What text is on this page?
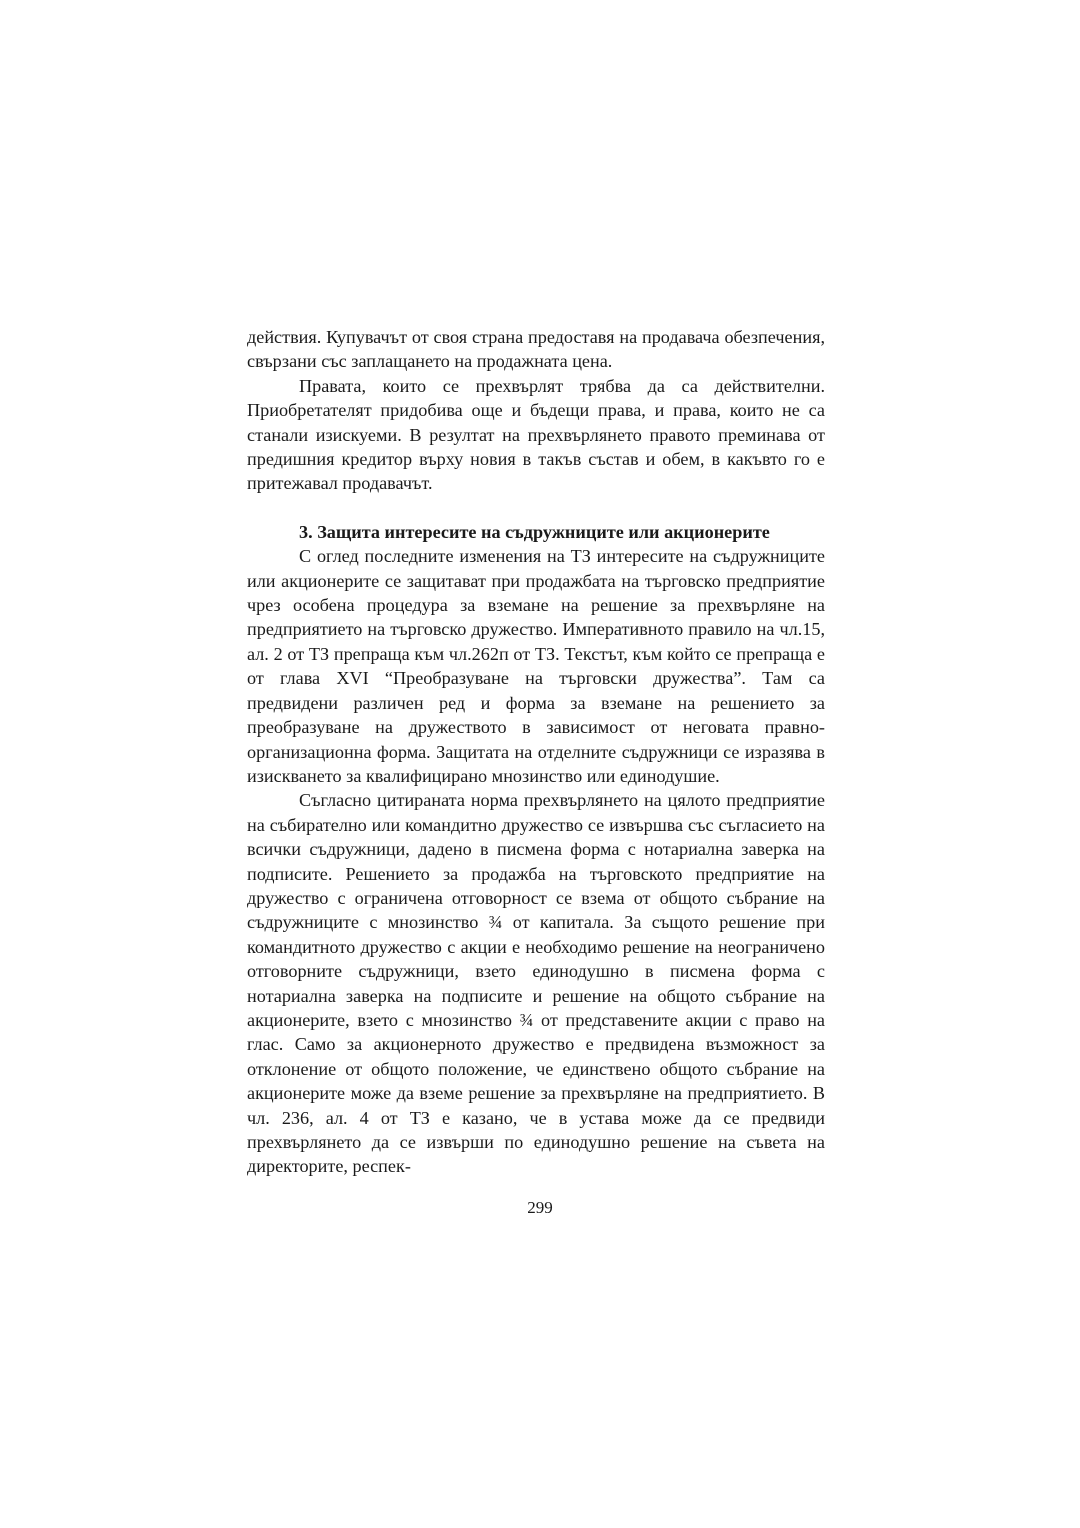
действия. Купувачът от своя страна предоставя на продавача обезпечения, свързани със заплащането на продажната цена.

Правата, които се прехвърлят трябва да са действителни. Приобретателят придобива още и бъдещи права, и права, които не са станали изискуеми. В резултат на прехвърлянето правото преминава от предишния кредитор върху новия в такъв състав и обем, в какъвто го е притежавал продавачът.

3. Защита интересите на съдружниците или акционерите

С оглед последните изменения на ТЗ интересите на съдружниците или акционерите се защитават при продажбата на търговско предприятие чрез особена процедура за вземане на решение за прехвърляне на предприятието на търговско дружество. Императивното правило на чл.15, ал. 2 от ТЗ препраща към чл.262п от ТЗ. Текстът, към който се препраща е от глава XVI “Преобразуване на търговски дружества”. Там са предвидени различен ред и форма за вземане на решението за преобразуване на дружеството в зависимост от неговата правно-организационна форма. Защитата на отделните съдружници се изразява в изискването за квалифицирано мнозинство или единодушие.

Съгласно цитираната норма прехвърлянето на цялото предприятие на събирателно или командитно дружество се извършва със съгласието на всички съдружници, дадено в писмена форма с нотариална заверка на подписите. Решението за продажба на търговското предприятие на дружество с ограничена отговорност се взема от общото събрание на съдружниците с мнозинство ¾ от капитала. За същото решение при командитното дружество с акции е необходимо решение на неограничено отговорните съдружници, взето единодушно в писмена форма с нотариална заверка на подписите и решение на общото събрание на акционерите, взето с мнозинство ¾ от представените акции с право на глас. Само за акционерното дружество е предвидена възможност за отклонение от общото положение, че единствено общото събрание на акционерите може да вземе решение за прехвърляне на предприятието. В чл. 236, ал. 4 от ТЗ е казано, че в устава може да се предвиди прехвърлянето да се извърши по единодушно решение на съвета на директорите, респек-

299
